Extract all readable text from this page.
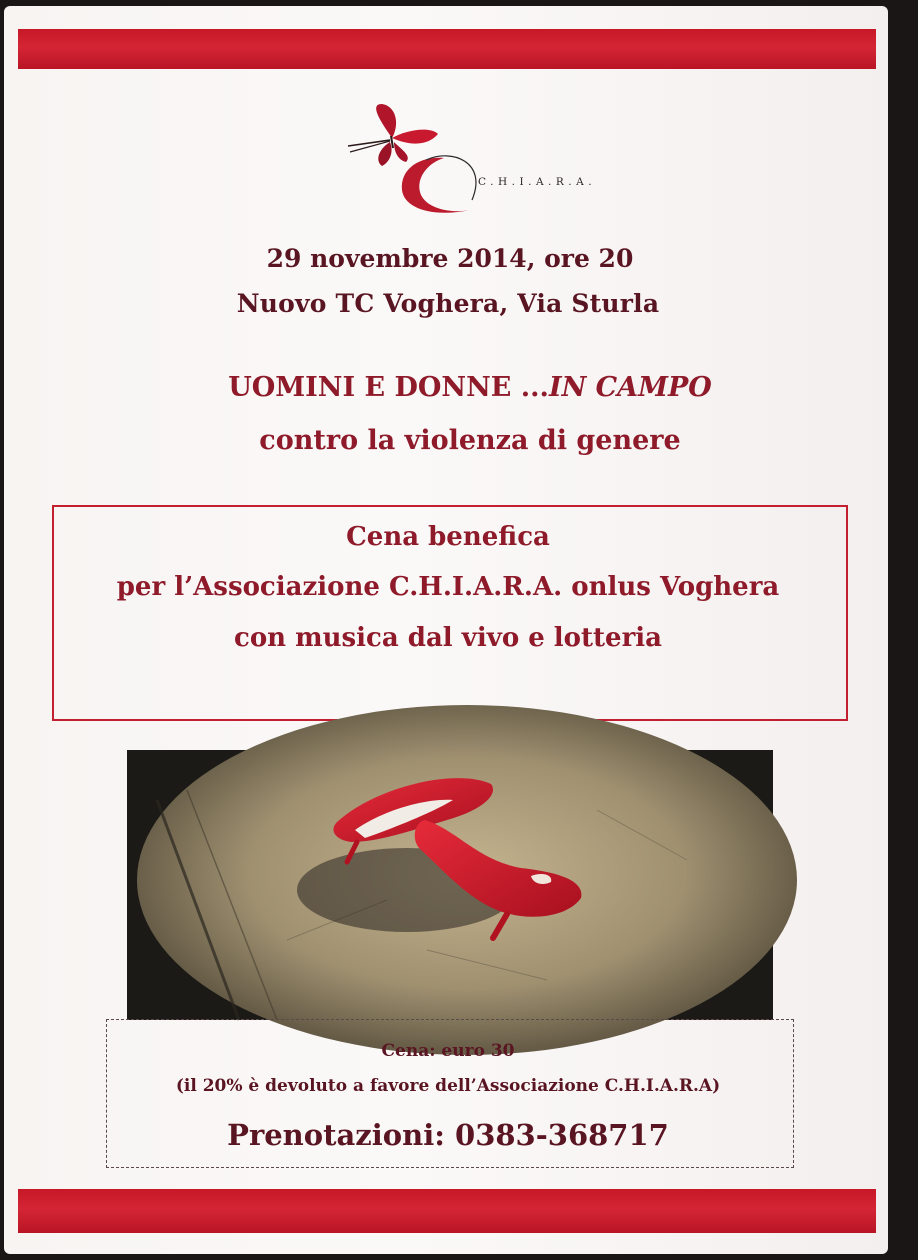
C.H.I.A.R.A.
29 novembre 2014, ore 20
Nuovo TC Voghera, Via Sturla
UOMINI E DONNE ...IN CAMPO
contro la violenza di genere
Cena benefica
per l’Associazione C.H.I.A.R.A. onlus Voghera
con musica dal vivo e lotteria
Cena: euro 30
(il 20% è devoluto a favore dell’Associazione C.H.I.A.R.A)
Prenotazioni: 0383-368717
